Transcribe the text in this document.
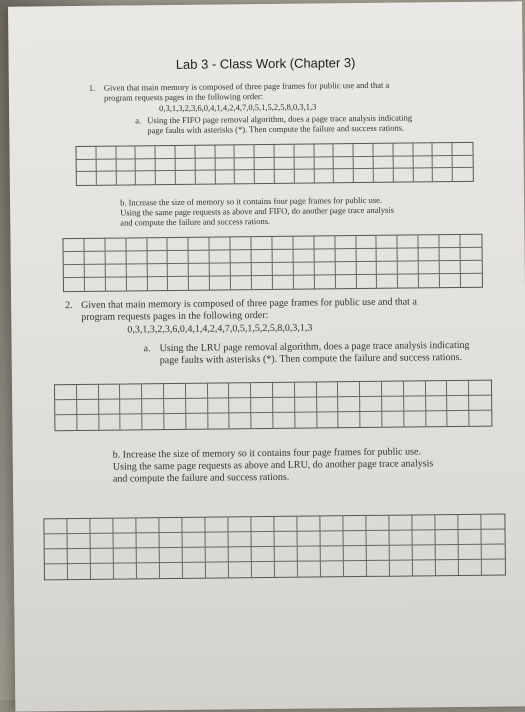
Lab 3 - Class Work (Chapter 3)
1. Given that main memory is composed of three page frames for public use and that a
program requests pages in the following order:
0,3,1,3,2,3,6,0,4,1,4,2,4,7,0,5,1,5,2,5,8,0,3,1,3
a. Using the FIFO page removal algorithm, does a page trace analysis indicating
page faults with asterisks (*). Then compute the failure and success rations.
b. Increase the size of memory so it contains four page frames for public use.
Using the same page requests as above and FIFO, do another page trace analysis
and compute the failure and success rations.
2. Given that main memory is composed of three page frames for public use and that a
program requests pages in the following order:
0,3,1,3,2,3,6,0,4,1,4,2,4,7,0,5,1,5,2,5,8,0,3,1,3
a. Using the LRU page removal algorithm, does a page trace analysis indicating
page faults with asterisks (*). Then compute the failure and success rations.
b. Increase the size of memory so it contains four page frames for public use.
Using the same page requests as above and LRU, do another page trace analysis
and compute the failure and success rations.
